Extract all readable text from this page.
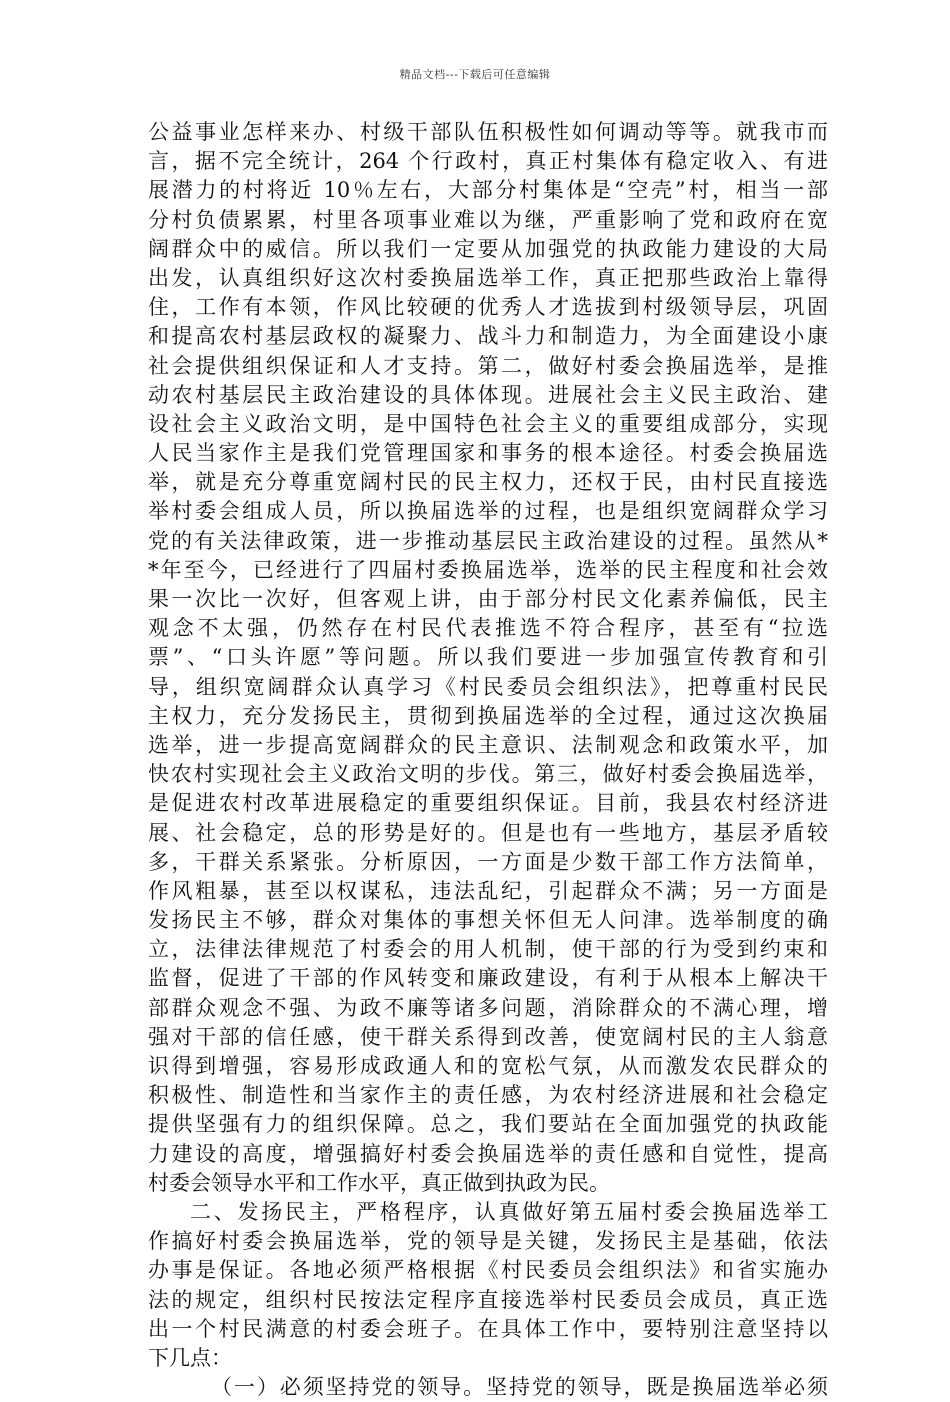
精品文档---下载后可任意编辑
公益事业怎样来办、村级干部队伍积极性如何调动等等。就我市而
言，据不完全统计，264 个行政村，真正村集体有稳定收入、有进
展潜力的村将近 10％左右，大部分村集体是“空壳”村，相当一部
分村负债累累，村里各项事业难以为继，严重影响了党和政府在宽
阔群众中的威信。所以我们一定要从加强党的执政能力建设的大局
出发，认真组织好这次村委换届选举工作，真正把那些政治上靠得
住，工作有本领，作风比较硬的优秀人才选拔到村级领导层，巩固
和提高农村基层政权的凝聚力、战斗力和制造力，为全面建设小康
社会提供组织保证和人才支持。第二，做好村委会换届选举，是推
动农村基层民主政治建设的具体体现。进展社会主义民主政治、建
设社会主义政治文明，是中国特色社会主义的重要组成部分，实现
人民当家作主是我们党管理国家和事务的根本途径。村委会换届选
举，就是充分尊重宽阔村民的民主权力，还权于民，由村民直接选
举村委会组成人员，所以换届选举的过程，也是组织宽阔群众学习
党的有关法律政策，进一步推动基层民主政治建设的过程。虽然从*
*年至今，已经进行了四届村委换届选举，选举的民主程度和社会效
果一次比一次好，但客观上讲，由于部分村民文化素养偏低，民主
观念不太强，仍然存在村民代表推选不符合程序，甚至有“拉选
票”、“口头许愿”等问题。所以我们要进一步加强宣传教育和引
导，组织宽阔群众认真学习《村民委员会组织法》，把尊重村民民
主权力，充分发扬民主，贯彻到换届选举的全过程，通过这次换届
选举，进一步提高宽阔群众的民主意识、法制观念和政策水平，加
快农村实现社会主义政治文明的步伐。第三，做好村委会换届选举，
是促进农村改革进展稳定的重要组织保证。目前，我县农村经济进
展、社会稳定，总的形势是好的。但是也有一些地方，基层矛盾较
多，干群关系紧张。分析原因，一方面是少数干部工作方法简单，
作风粗暴，甚至以权谋私，违法乱纪，引起群众不满；另一方面是
发扬民主不够，群众对集体的事想关怀但无人问津。选举制度的确
立，法律法律规范了村委会的用人机制，使干部的行为受到约束和
监督，促进了干部的作风转变和廉政建设，有利于从根本上解决干
部群众观念不强、为政不廉等诸多问题，消除群众的不满心理，增
强对干部的信任感，使干群关系得到改善，使宽阔村民的主人翁意
识得到增强，容易形成政通人和的宽松气氛，从而激发农民群众的
积极性、制造性和当家作主的责任感，为农村经济进展和社会稳定
提供坚强有力的组织保障。总之，我们要站在全面加强党的执政能
力建设的高度，增强搞好村委会换届选举的责任感和自觉性，提高
村委会领导水平和工作水平，真正做到执政为民。
二、发扬民主，严格程序，认真做好第五届村委会换届选举工
作搞好村委会换届选举，党的领导是关键，发扬民主是基础，依法
办事是保证。各地必须严格根据《村民委员会组织法》和省实施办
法的规定，组织村民按法定程序直接选举村民委员会成员，真正选
出一个村民满意的村委会班子。在具体工作中，要特别注意坚持以
下几点：
（一）必须坚持党的领导。坚持党的领导，既是换届选举必须
